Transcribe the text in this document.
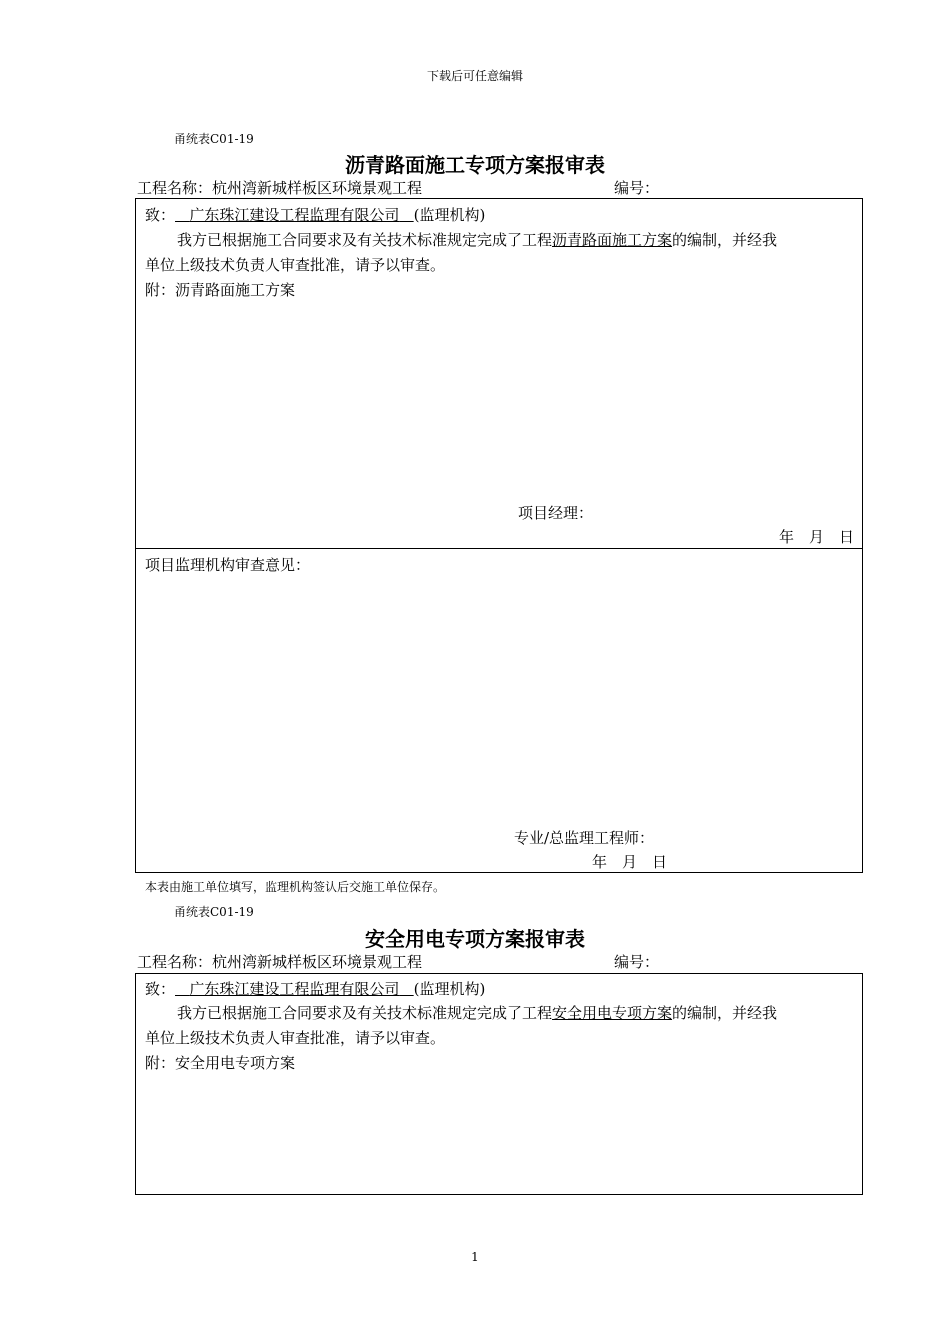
下载后可任意编辑
甬统表C01-19
沥青路面施工专项方案报审表
工程名称：杭州湾新城样板区环境景观工程	编号：
致： 广东珠江建设工程监理有限公司 (监理机构)
我方已根据施工合同要求及有关技术标准规定完成了工程沥青路面施工方案的编制，并经我
单位上级技术负责人审查批准，请予以审查。
附：沥青路面施工方案
项目经理：
年　月　日
项目监理机构审查意见：
专业/总监理工程师：
年　月　日
本表由施工单位填写，监理机构签认后交施工单位保存。
甬统表C01-19
安全用电专项方案报审表
工程名称：杭州湾新城样板区环境景观工程	编号：
致： 广东珠江建设工程监理有限公司 (监理机构)
我方已根据施工合同要求及有关技术标准规定完成了工程安全用电专项方案的编制，并经我
单位上级技术负责人审查批准，请予以审查。
附：安全用电专项方案
1
